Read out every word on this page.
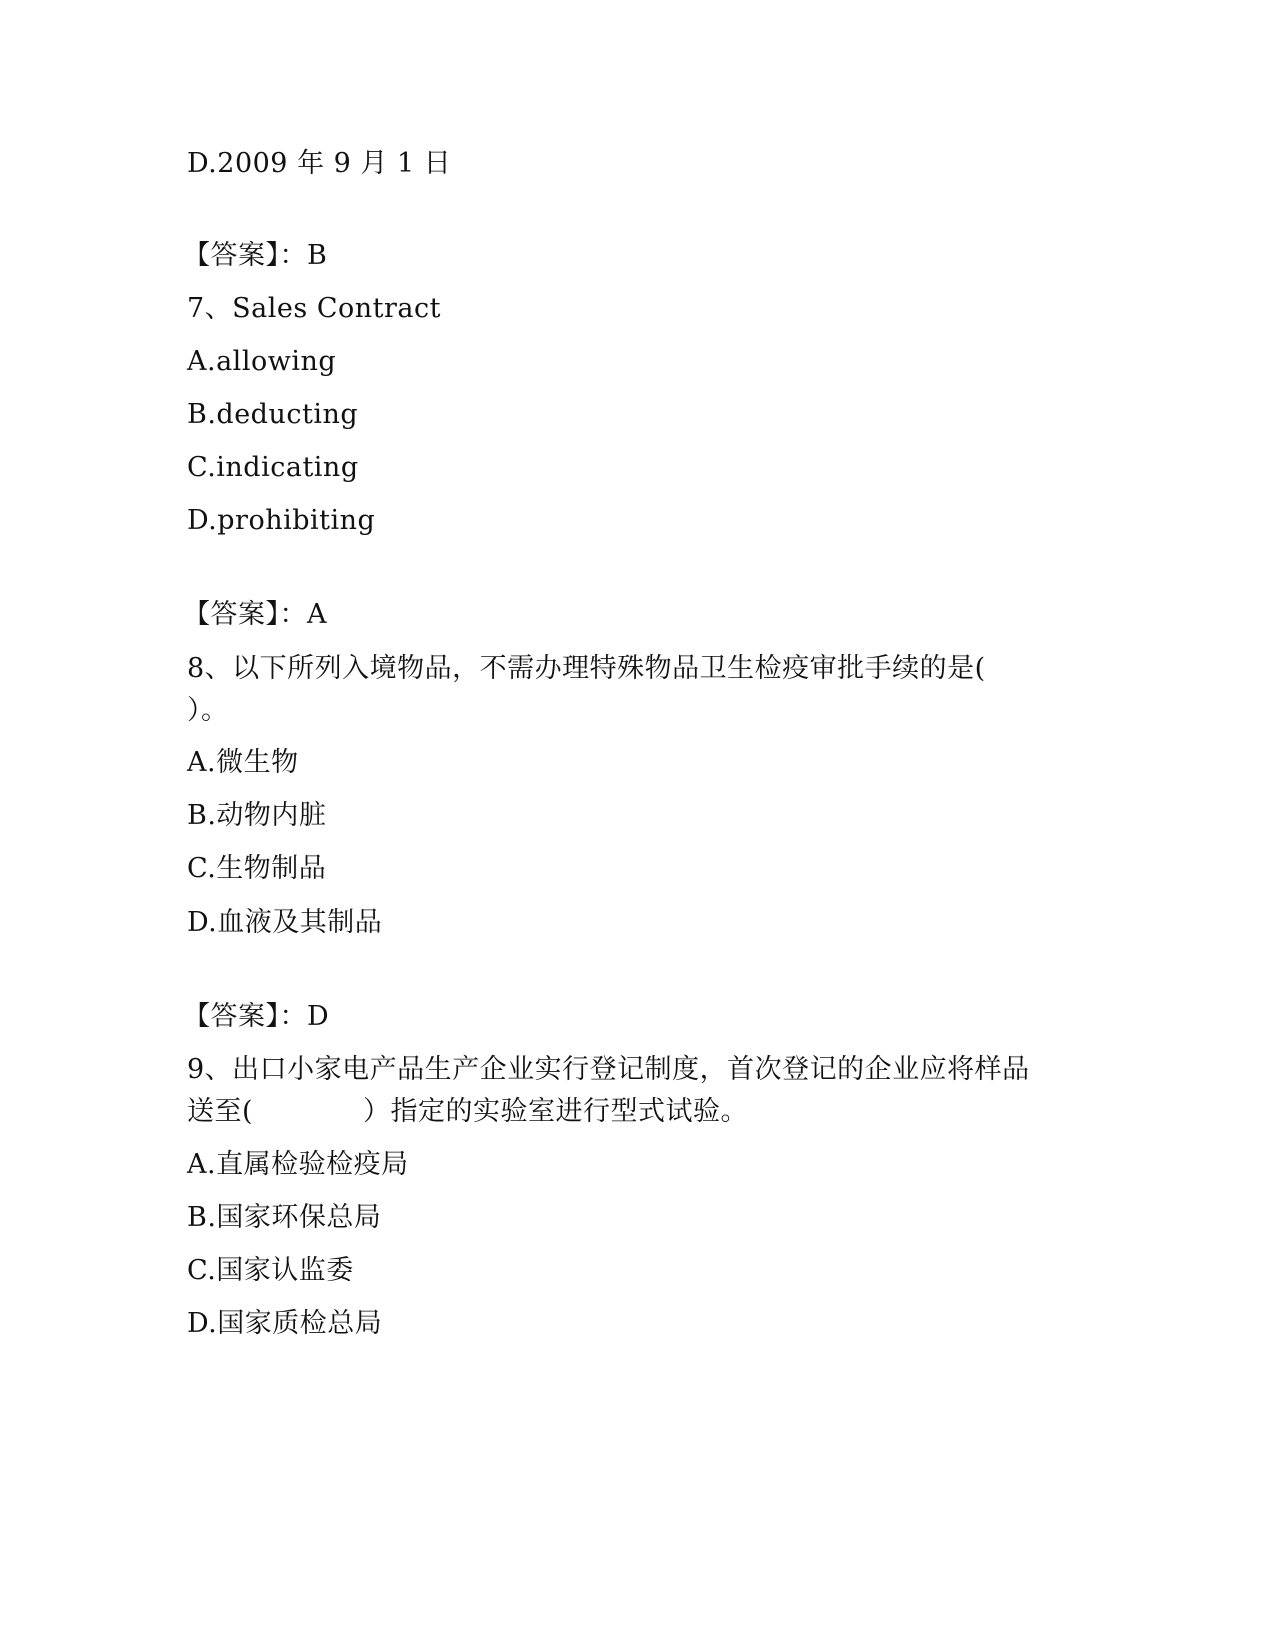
D.2009 年 9 月 1 日
【答案】：B
7、Sales Contract
A.allowing
B.deducting
C.indicating
D.prohibiting
【答案】：A
8、以下所列入境物品，不需办理特殊物品卫生检疫审批手续的是(
）。
A.微生物
B.动物内脏
C.生物制品
D.血液及其制品
【答案】：D
9、出口小家电产品生产企业实行登记制度，首次登记的企业应将样品
送至(　　　　）指定的实验室进行型式试验。
A.直属检验检疫局
B.国家环保总局
C.国家认监委
D.国家质检总局
